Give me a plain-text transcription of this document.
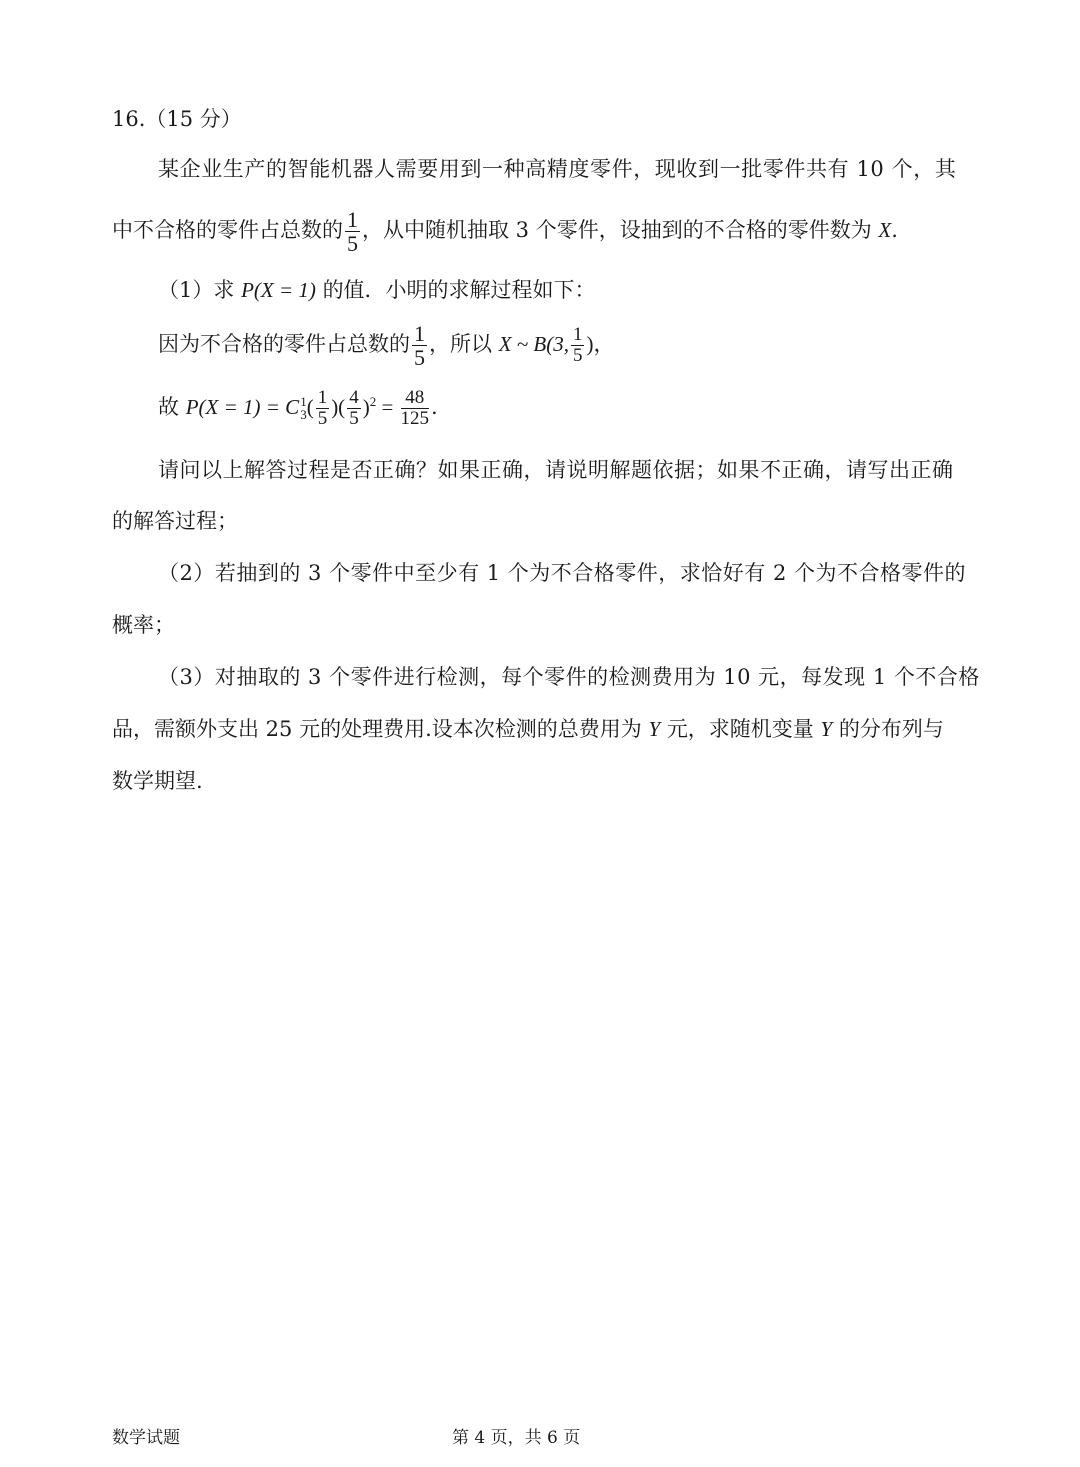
16.（15 分）
某企业生产的智能机器人需要用到一种高精度零件，现收到一批零件共有 10 个，其
中不合格的零件占总数的 $\frac{1}{5}$ ，从中随机抽取 3 个零件，设抽到的不合格的零件数为 X.
（1）求 P(X = 1) 的值．小明的求解过程如下：
因为不合格的零件占总数的 $\frac{1}{5}$ ，所以 X ~ B(3, $\frac{1}{5}$ )，
故 P(X = 1) = C 1
3 ( $\frac{1}{5}$ )( $\frac{4}{5} )^2 = \frac{48}{125}$ .
请问以上解答过程是否正确？如果正确，请说明解题依据；如果不正确，请写出正确
的解答过程；
（2）若抽到的 3 个零件中至少有 1 个为不合格零件，求恰好有 2 个为不合格零件的
概率；
（3）对抽取的 3 个零件进行检测，每个零件的检测费用为 10 元，每发现 1 个不合格
品，需额外支出 25 元的处理费用.设本次检测的总费用为 Y 元，求随机变量 Y 的分布列与
数学期望.
数学试题	第 4 页，共 6 页
